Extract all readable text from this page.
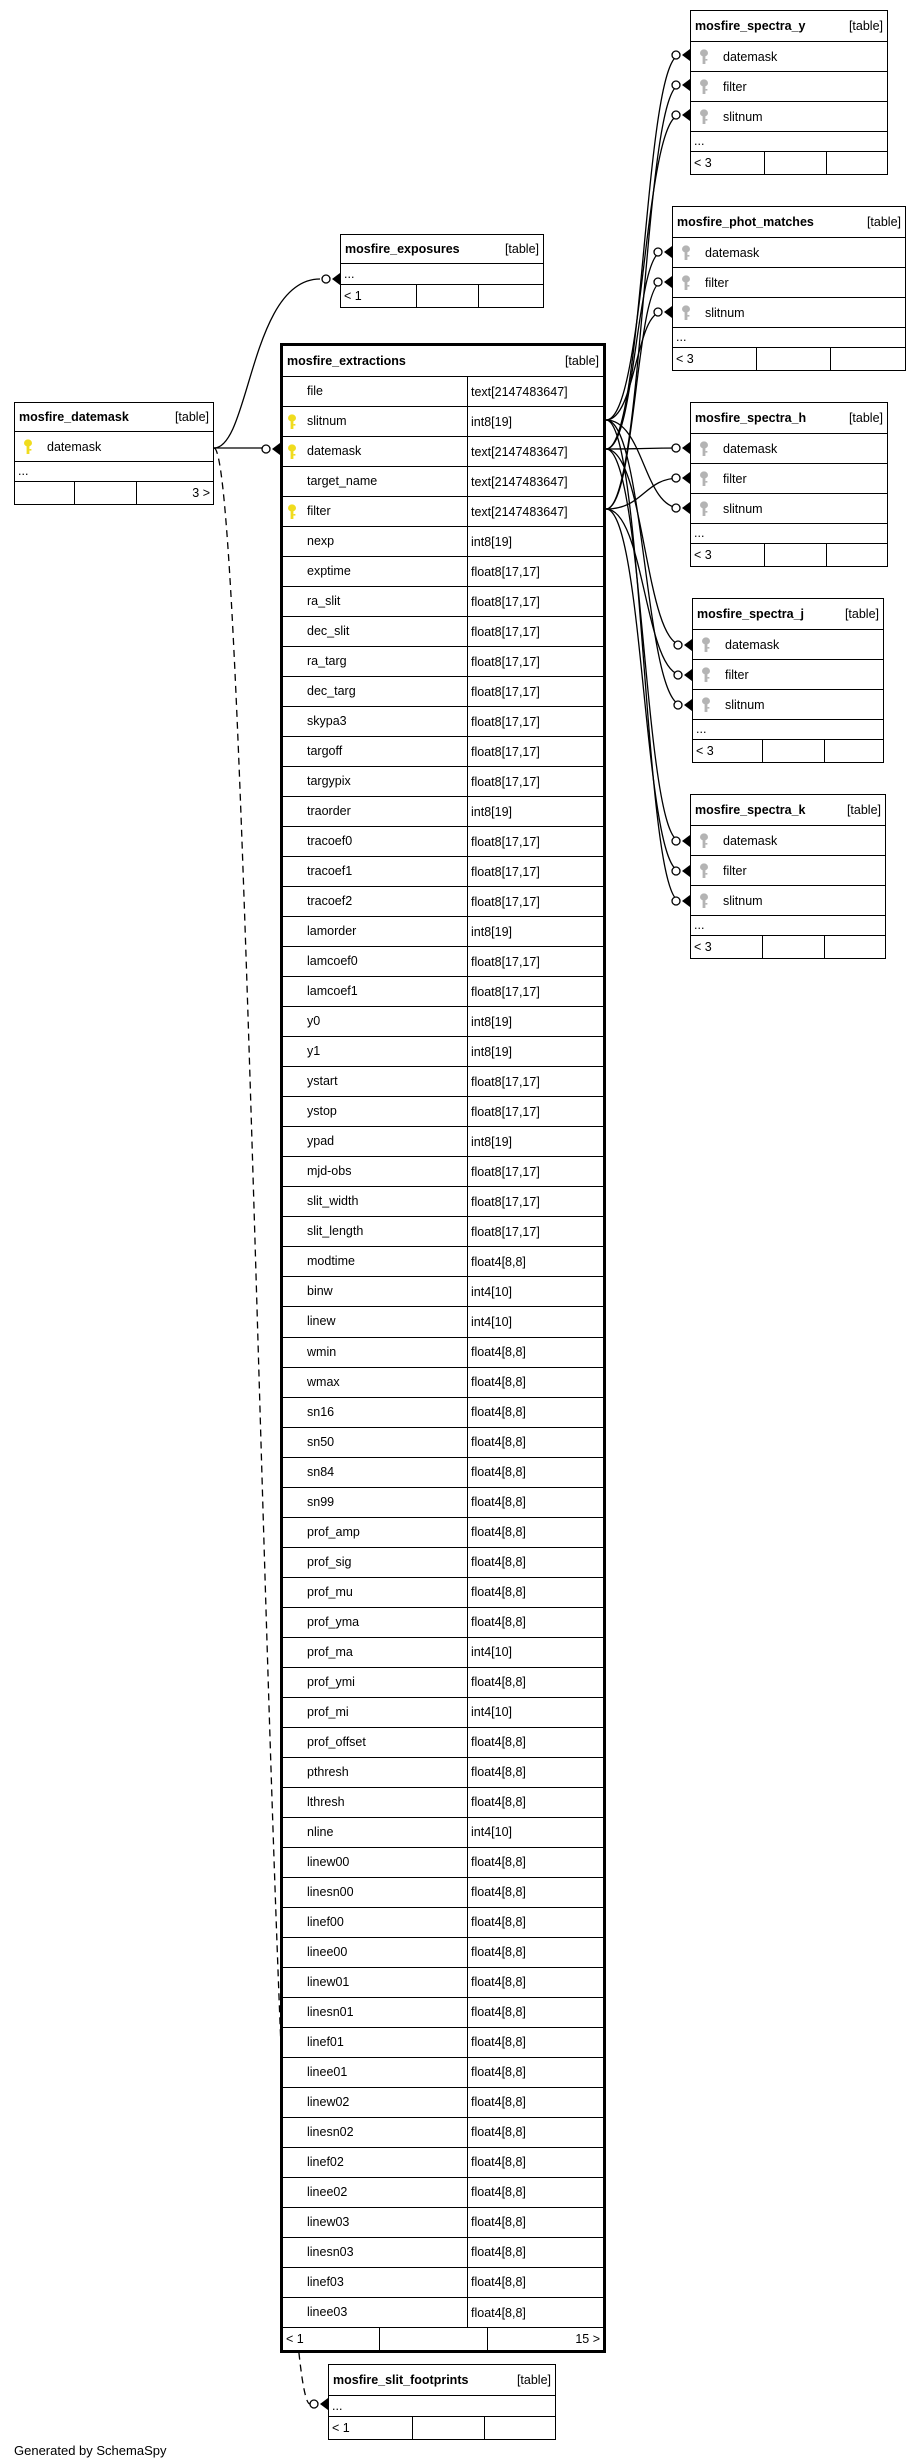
mosfire_datemask	[table]
datemask
...
3 >
mosfire_exposures	[table]
...
< 1
mosfire_slit_footprints	[table]
...
< 1
mosfire_extractions	[table]
file	text[2147483647]
slitnum	int8[19]
datemask	text[2147483647]
target_name	text[2147483647]
filter	text[2147483647]
nexp	int8[19]
exptime	float8[17,17]
ra_slit	float8[17,17]
dec_slit	float8[17,17]
ra_targ	float8[17,17]
dec_targ	float8[17,17]
skypa3	float8[17,17]
targoff	float8[17,17]
targypix	float8[17,17]
traorder	int8[19]
tracoef0	float8[17,17]
tracoef1	float8[17,17]
tracoef2	float8[17,17]
lamorder	int8[19]
lamcoef0	float8[17,17]
lamcoef1	float8[17,17]
y0	int8[19]
y1	int8[19]
ystart	float8[17,17]
ystop	float8[17,17]
ypad	int8[19]
mjd-obs	float8[17,17]
slit_width	float8[17,17]
slit_length	float8[17,17]
modtime	float4[8,8]
binw	int4[10]
linew	int4[10]
wmin	float4[8,8]
wmax	float4[8,8]
sn16	float4[8,8]
sn50	float4[8,8]
sn84	float4[8,8]
sn99	float4[8,8]
prof_amp	float4[8,8]
prof_sig	float4[8,8]
prof_mu	float4[8,8]
prof_yma	float4[8,8]
prof_ma	int4[10]
prof_ymi	float4[8,8]
prof_mi	int4[10]
prof_offset	float4[8,8]
pthresh	float4[8,8]
lthresh	float4[8,8]
nline	int4[10]
linew00	float4[8,8]
linesn00	float4[8,8]
linef00	float4[8,8]
linee00	float4[8,8]
linew01	float4[8,8]
linesn01	float4[8,8]
linef01	float4[8,8]
linee01	float4[8,8]
linew02	float4[8,8]
linesn02	float4[8,8]
linef02	float4[8,8]
linee02	float4[8,8]
linew03	float4[8,8]
linesn03	float4[8,8]
linef03	float4[8,8]
linee03	float4[8,8]
< 1	15 >
mosfire_spectra_y	[table]
datemask
filter
slitnum
...
< 3
mosfire_phot_matches	[table]
datemask
filter
slitnum
...
< 3
mosfire_spectra_h	[table]
datemask
filter
slitnum
...
< 3
mosfire_spectra_j	[table]
datemask
filter
slitnum
...
< 3
mosfire_spectra_k	[table]
datemask
filter
slitnum
...
< 3
Generated by SchemaSpy
